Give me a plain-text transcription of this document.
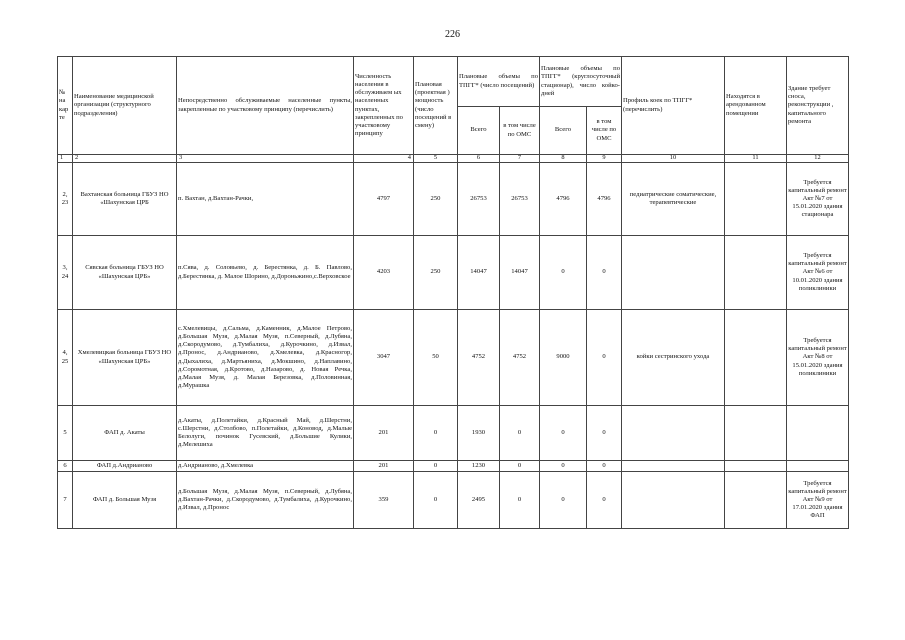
226
№ на кар те	Наименование медицинской организации (структурного подразделения)	Непосредственно обслуживаемые населенные пункты, закрепленные по участковому принципу (перечислить)	Численность населения в обслуживаем ых населенных пунктах, закрепленных по участковому принципу	Плановая (проектная ) мощность (число посещений в смену)	Плановые объемы по ТПГГ* (число посещений)		Плановые объемы по ТПГГ* (круглосуточный стационар), число койко-дней		Профиль коек по ТПГГ* (перечислить)	Находятся в арендованном помещении	Здание требует сноса, реконструкции , капитального ремонта
					Всего	в том числе по ОМС	Всего	в том числе по ОМС			
1	2	3	4	5	6	7	8	9	10	11	12
2, 23	Вахтанская больница ГБУЗ НО «Шахунская ЦРБ	п. Вахтан, д.Вахтан-Рачки,	4797	250	26753	26753	4796	4796	педиатрические соматические, терапевтические		Требуется капитальный ремонт Акт №7 от 15.01.2020 здания стационара
3, 24	Сявская больница ГБУЗ НО «Шахунская ЦРБ»	п.Сява, д. Соловьево, д. Берестянка, д. Б. Павлово, д.Берестянка, д. Малое Шорино, д.Дороньжино,с.Верховское	4203	250	14047	14047	0	0			Требуется капитальный ремонт Акт №6 от 10.01.2020 здания поликлиники
4, 25	Хмелевицкая больница ГБУЗ НО «Шахунская ЦРБ»	с.Хмелевицы, д.Сальма, д.Каменник, д.Малое Петрово, д.Большая Музя, д.Малая Музя, п.Северный, д.Лубяна, д.Скородумово, д.Тумбалиха, д.Курочкино, д.Извал, д.Пронос, д.Андрианово, д.Хмелевка, д.Красногор, д.Дыхалиха, д.Мартьяниха, д.Мокшино, д.Наплавино, д.Соромотная, д.Кротово, д.Назарово, д. Новая Речка, д.Малая Музя, д. Малая Березовка, д.Половинная, д.Мурашка	3047	50	4752	4752	9000	0	койки сестринского ухода		Требуется капитальный ремонт Акт №8 от 15.01.2020 здания поликлиники
5	ФАП д. Акаты	д.Акаты, д.Полетайки, д.Красный Май, д.Шерстни, с.Шерстни, д.Столбово, п.Полетайки, д.Коновод, д.Малые Белолуги, починок Гусевский, д.Большие Кулики, д.Мелешиха	201	0	1930	0	0	0			
6	ФАП д.Андрианово	д.Андрианово, д.Хмелевка	201	0	1230	0	0	0			
7	ФАП д. Большая Музя	д.Большая Музя, д.Малая Музя, п.Северный, д.Лубяна, д.Вахтан-Рачки, д.Скородумово, д.Тумбалиха, д.Курочкино, д.Извал, д.Пронос	359	0	2495	0	0	0			Требуется капитальный ремонт Акт №9 от 17.01.2020 здания ФАП
